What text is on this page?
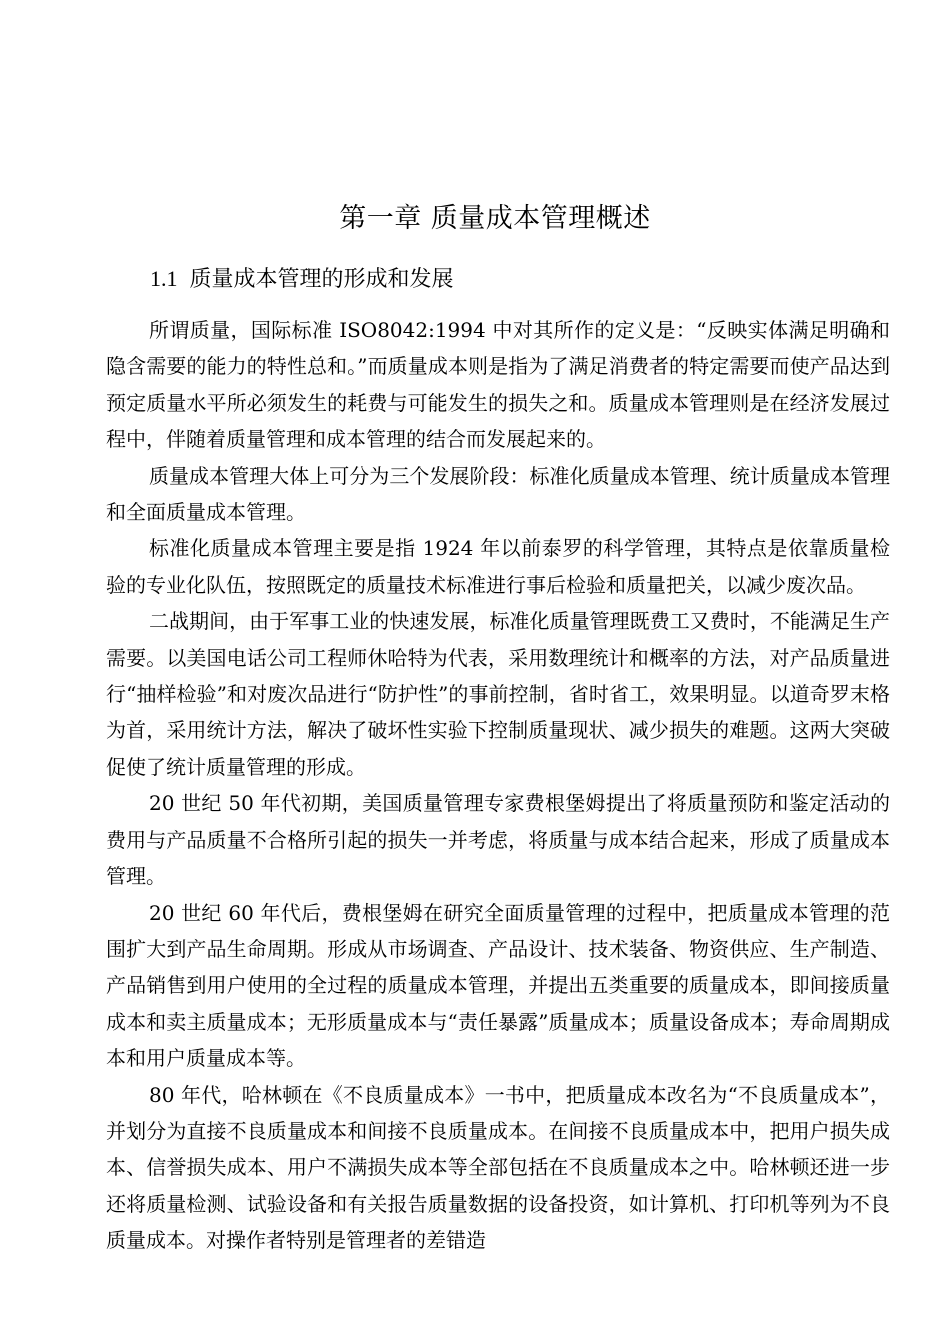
第一章 质量成本管理概述
1.1 质量成本管理的形成和发展

所谓质量，国际标准 ISO8042:1994 中对其所作的定义是：“反映实体满足明确和隐含需要的能力的特性总和。”而质量成本则是指为了满足消费者的特定需要而使产品达到预定质量水平所必须发生的耗费与可能发生的损失之和。质量成本管理则是在经济发展过程中，伴随着质量管理和成本管理的结合而发展起来的。

质量成本管理大体上可分为三个发展阶段：标准化质量成本管理、统计质量成本管理和全面质量成本管理。

标准化质量成本管理主要是指 1924 年以前泰罗的科学管理，其特点是依靠质量检验的专业化队伍，按照既定的质量技术标准进行事后检验和质量把关，以减少废次品。

二战期间，由于军事工业的快速发展，标准化质量管理既费工又费时，不能满足生产需要。以美国电话公司工程师休哈特为代表，采用数理统计和概率的方法，对产品质量进行“抽样检验”和对废次品进行“防护性”的事前控制，省时省工，效果明显。以道奇罗末格为首，采用统计方法，解决了破坏性实验下控制质量现状、减少损失的难题。这两大突破促使了统计质量管理的形成。

20 世纪 50 年代初期，美国质量管理专家费根堡姆提出了将质量预防和鉴定活动的费用与产品质量不合格所引起的损失一并考虑，将质量与成本结合起来，形成了质量成本管理。

20 世纪 60 年代后，费根堡姆在研究全面质量管理的过程中，把质量成本管理的范围扩大到产品生命周期。形成从市场调查、产品设计、技术装备、物资供应、生产制造、产品销售到用户使用的全过程的质量成本管理，并提出五类重要的质量成本，即间接质量成本和卖主质量成本；无形质量成本与“责任暴露”质量成本；质量设备成本；寿命周期成本和用户质量成本等。

80 年代，哈林顿在《不良质量成本》一书中，把质量成本改名为“不良质量成本”，并划分为直接不良质量成本和间接不良质量成本。在间接不良质量成本中，把用户损失成本、信誉损失成本、用户不满损失成本等全部包括在不良质量成本之中。哈林顿还进一步还将质量检测、试验设备和有关报告质量数据的设备投资，如计算机、打印机等列为不良质量成本。对操作者特别是管理者的差错造
